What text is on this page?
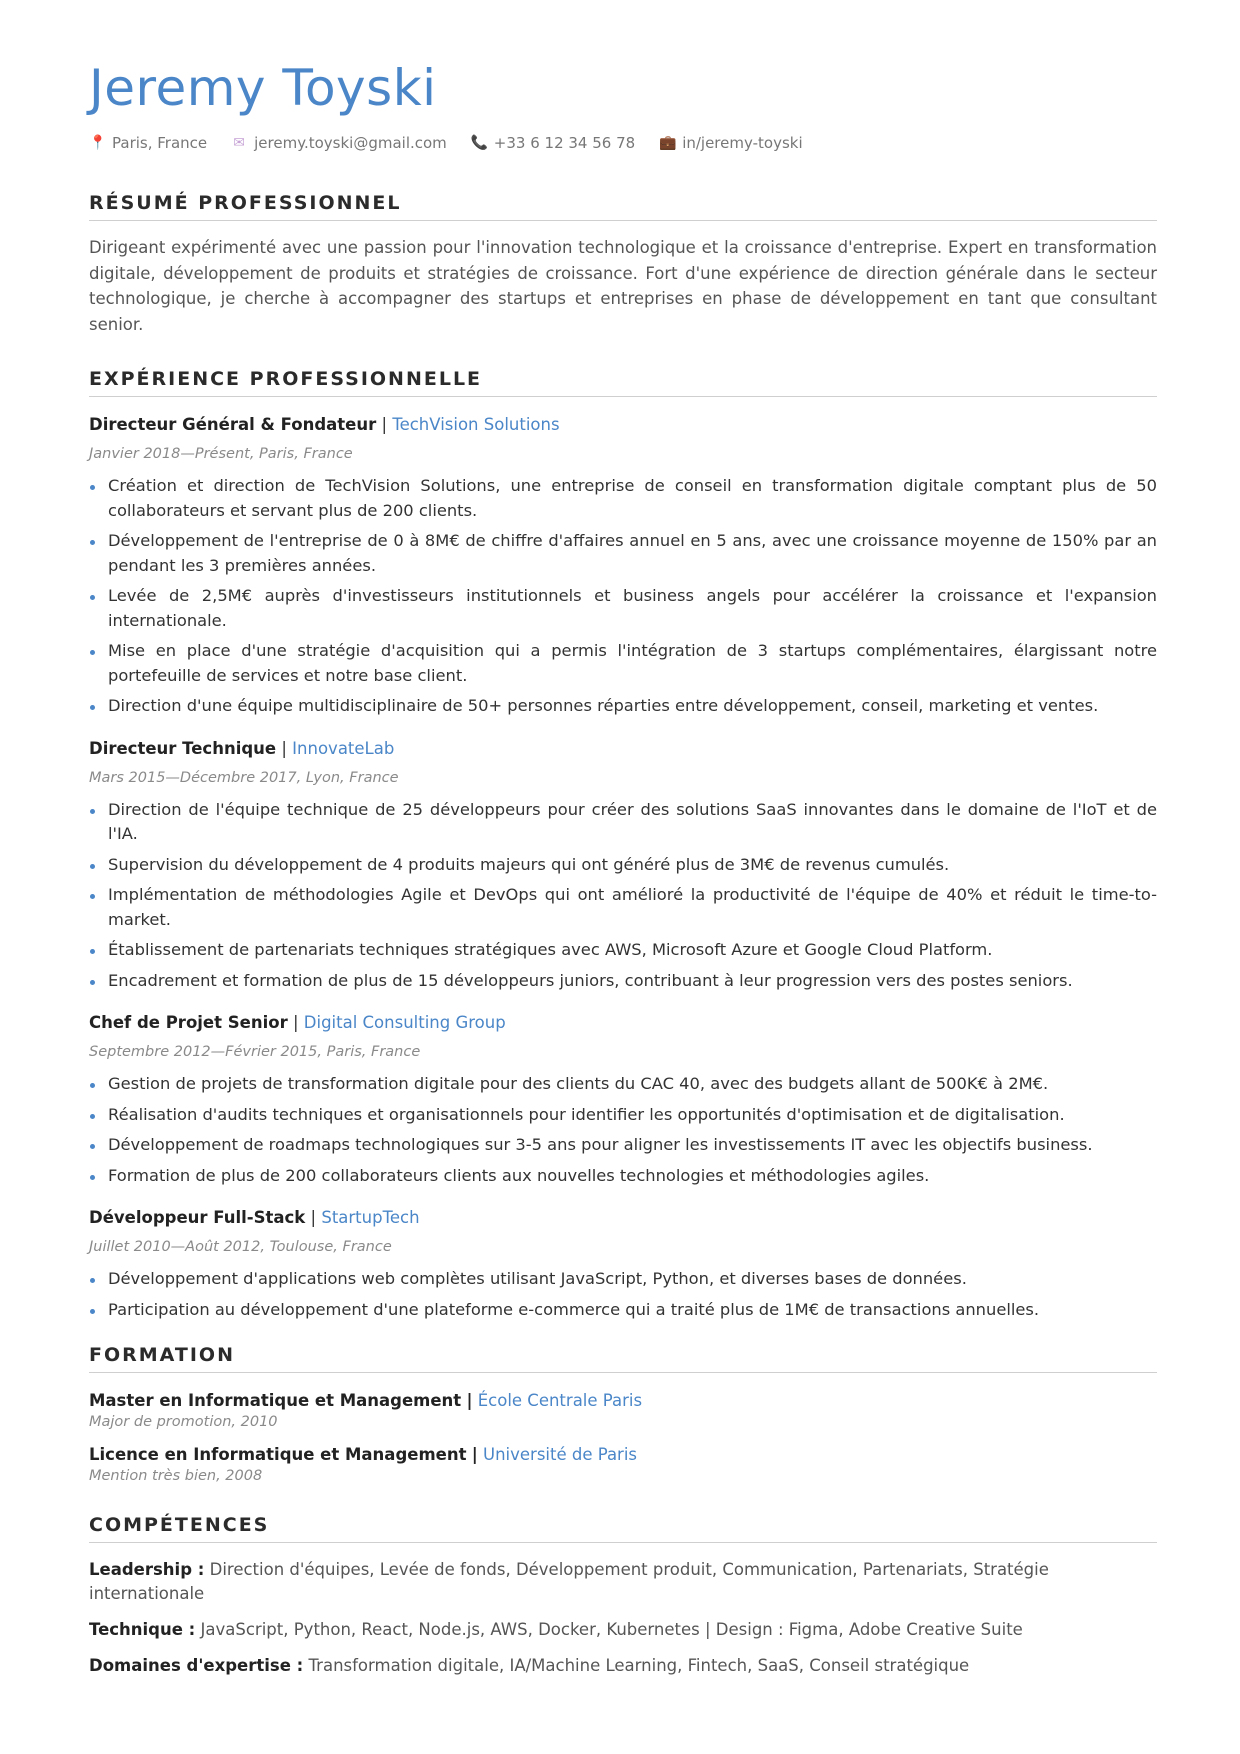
Jeremy Toyski
📍 Paris, France ✉ jeremy.toyski@gmail.com 📞 +33 6 12 34 56 78 💼 in/jeremy-toyski
RÉSUMÉ PROFESSIONNEL

Dirigeant expérimenté avec une passion pour l'innovation technologique et la croissance d'entreprise. Expert en transformation digitale, développement de produits et stratégies de croissance. Fort d'une expérience de direction générale dans le secteur technologique, je cherche à accompagner des startups et entreprises en phase de développement en tant que consultant senior.

EXPÉRIENCE PROFESSIONNELLE

Directeur Général & Fondateur | TechVision Solutions

Janvier 2018—Présent, Paris, France
Création et direction de TechVision Solutions, une entreprise de conseil en transformation digitale comptant plus de 50 collaborateurs et servant plus de 200 clients.
Développement de l'entreprise de 0 à 8M€ de chiffre d'affaires annuel en 5 ans, avec une croissance moyenne de 150% par an pendant les 3 premières années.
Levée de 2,5M€ auprès d'investisseurs institutionnels et business angels pour accélérer la croissance et l'expansion internationale.
Mise en place d'une stratégie d'acquisition qui a permis l'intégration de 3 startups complémentaires, élargissant notre portefeuille de services et notre base client.
Direction d'une équipe multidisciplinaire de 50+ personnes réparties entre développement, conseil, marketing et ventes.

Directeur Technique | InnovateLab

Mars 2015—Décembre 2017, Lyon, France
Direction de l'équipe technique de 25 développeurs pour créer des solutions SaaS innovantes dans le domaine de l'IoT et de l'IA.
Supervision du développement de 4 produits majeurs qui ont généré plus de 3M€ de revenus cumulés.
Implémentation de méthodologies Agile et DevOps qui ont amélioré la productivité de l'équipe de 40% et réduit le time-to-market.
Établissement de partenariats techniques stratégiques avec AWS, Microsoft Azure et Google Cloud Platform.
Encadrement et formation de plus de 15 développeurs juniors, contribuant à leur progression vers des postes seniors.

Chef de Projet Senior | Digital Consulting Group

Septembre 2012—Février 2015, Paris, France
Gestion de projets de transformation digitale pour des clients du CAC 40, avec des budgets allant de 500K€ à 2M€.
Réalisation d'audits techniques et organisationnels pour identifier les opportunités d'optimisation et de digitalisation.
Développement de roadmaps technologiques sur 3-5 ans pour aligner les investissements IT avec les objectifs business.
Formation de plus de 200 collaborateurs clients aux nouvelles technologies et méthodologies agiles.

Développeur Full-Stack | StartupTech

Juillet 2010—Août 2012, Toulouse, France
Développement d'applications web complètes utilisant JavaScript, Python, et diverses bases de données.
Participation au développement d'une plateforme e-commerce qui a traité plus de 1M€ de transactions annuelles.
FORMATION

Master en Informatique et Management | École Centrale Paris

Major de promotion, 2010

Licence en Informatique et Management | Université de Paris

Mention très bien, 2008
COMPÉTENCES

Leadership : Direction d'équipes, Levée de fonds, Développement produit, Communication, Partenariats, Stratégie internationale

Technique : JavaScript, Python, React, Node.js, AWS, Docker, Kubernetes | Design : Figma, Adobe Creative Suite

Domaines d'expertise : Transformation digitale, IA/Machine Learning, Fintech, SaaS, Conseil stratégique
